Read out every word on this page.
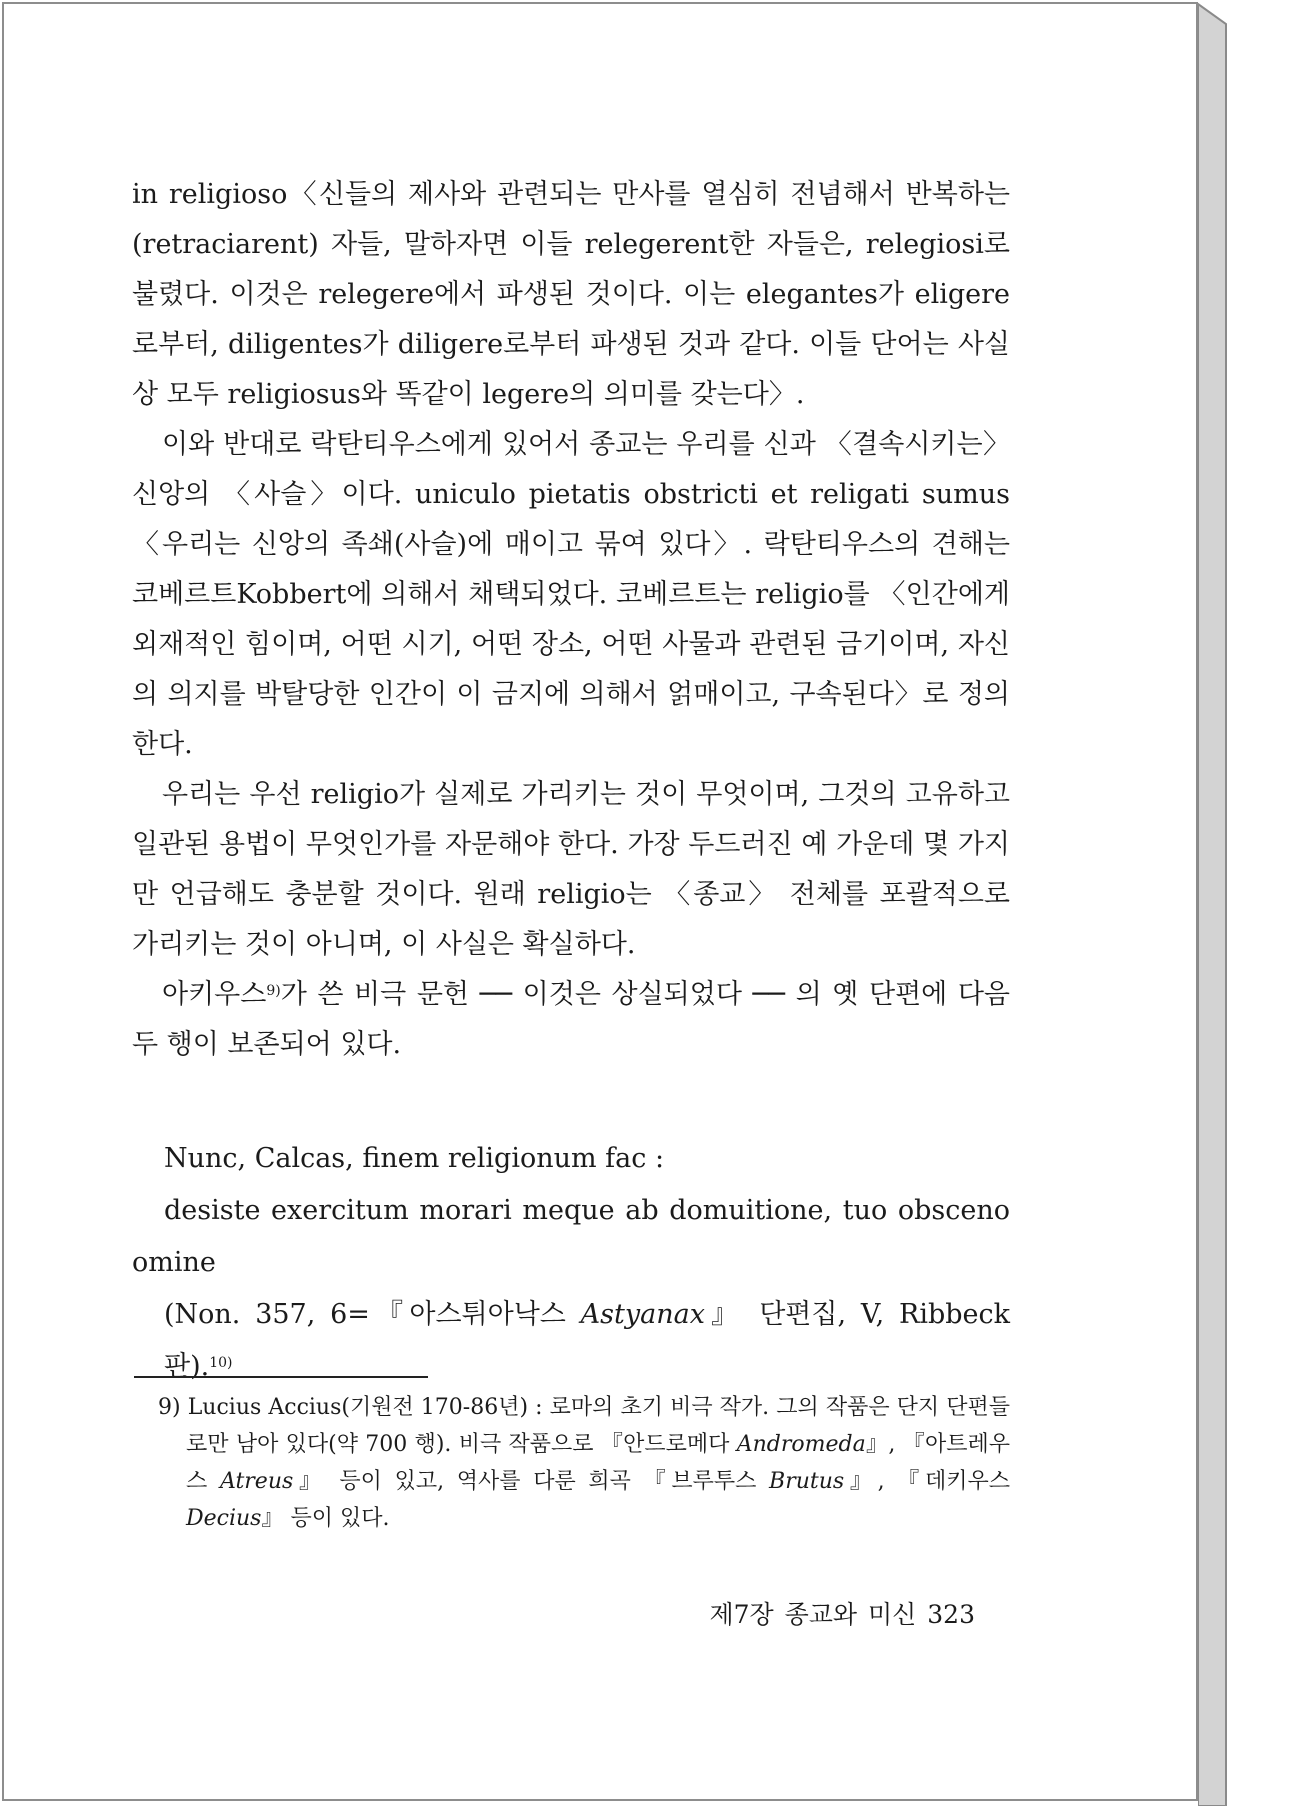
in religioso〈신들의 제사와 관련되는 만사를 열심히 전념해서 반복하는 (retraciarent) 자들, 말하자면 이들 relegerent한 자들은, relegiosi로 불렸다. 이것은 relegere에서 파생된 것이다. 이는 elegantes가 eligere로부터, diligentes가 diligere로부터 파생된 것과 같다. 이들 단어는 사실상 모두 religiosus와 똑같이 legere의 의미를 갖는다〉.

이와 반대로 락탄티우스에게 있어서 종교는 우리를 신과 〈결속시키는〉 신앙의 〈사슬〉이다. uniculo pietatis obstricti et religati sumus〈우리는 신앙의 족쇄(사슬)에 매이고 묶여 있다〉. 락탄티우스의 견해는 코베르트Kobbert에 의해서 채택되었다. 코베르트는 religio를 〈인간에게 외재적인 힘이며, 어떤 시기, 어떤 장소, 어떤 사물과 관련된 금기이며, 자신의 의지를 박탈당한 인간이 이 금지에 의해서 얽매이고, 구속된다〉로 정의한다.

우리는 우선 religio가 실제로 가리키는 것이 무엇이며, 그것의 고유하고 일관된 용법이 무엇인가를 자문해야 한다. 가장 두드러진 예 가운데 몇 가지만 언급해도 충분할 것이다. 원래 religio는 〈종교〉 전체를 포괄적으로 가리키는 것이 아니며, 이 사실은 확실하다.

아키우스$^{9)}$가 쓴 비극 문헌 ── 이것은 상실되었다 ── 의 옛 단편에 다음 두 행이 보존되어 있다.

Nunc, Calcas, finem religionum fac :

desiste exercitum morari meque ab domuitione, tuo obsceno

omine

(Non. 357, 6=『아스튀아낙스 Astyanax』 단편집, V, Ribbeck 판).$^{10)}$

9) Lucius Accius(기원전 170-86년) : 로마의 초기 비극 작가. 그의 작품은 단지 단편들로만 남아 있다(약 700 행). 비극 작품으로 『안드로메다 Andromeda』, 『아트레우스 Atreus』 등이 있고, 역사를 다룬 희곡 『브루투스 Brutus』, 『데키우스 Decius』 등이 있다.
제7장 종교와 미신 323
